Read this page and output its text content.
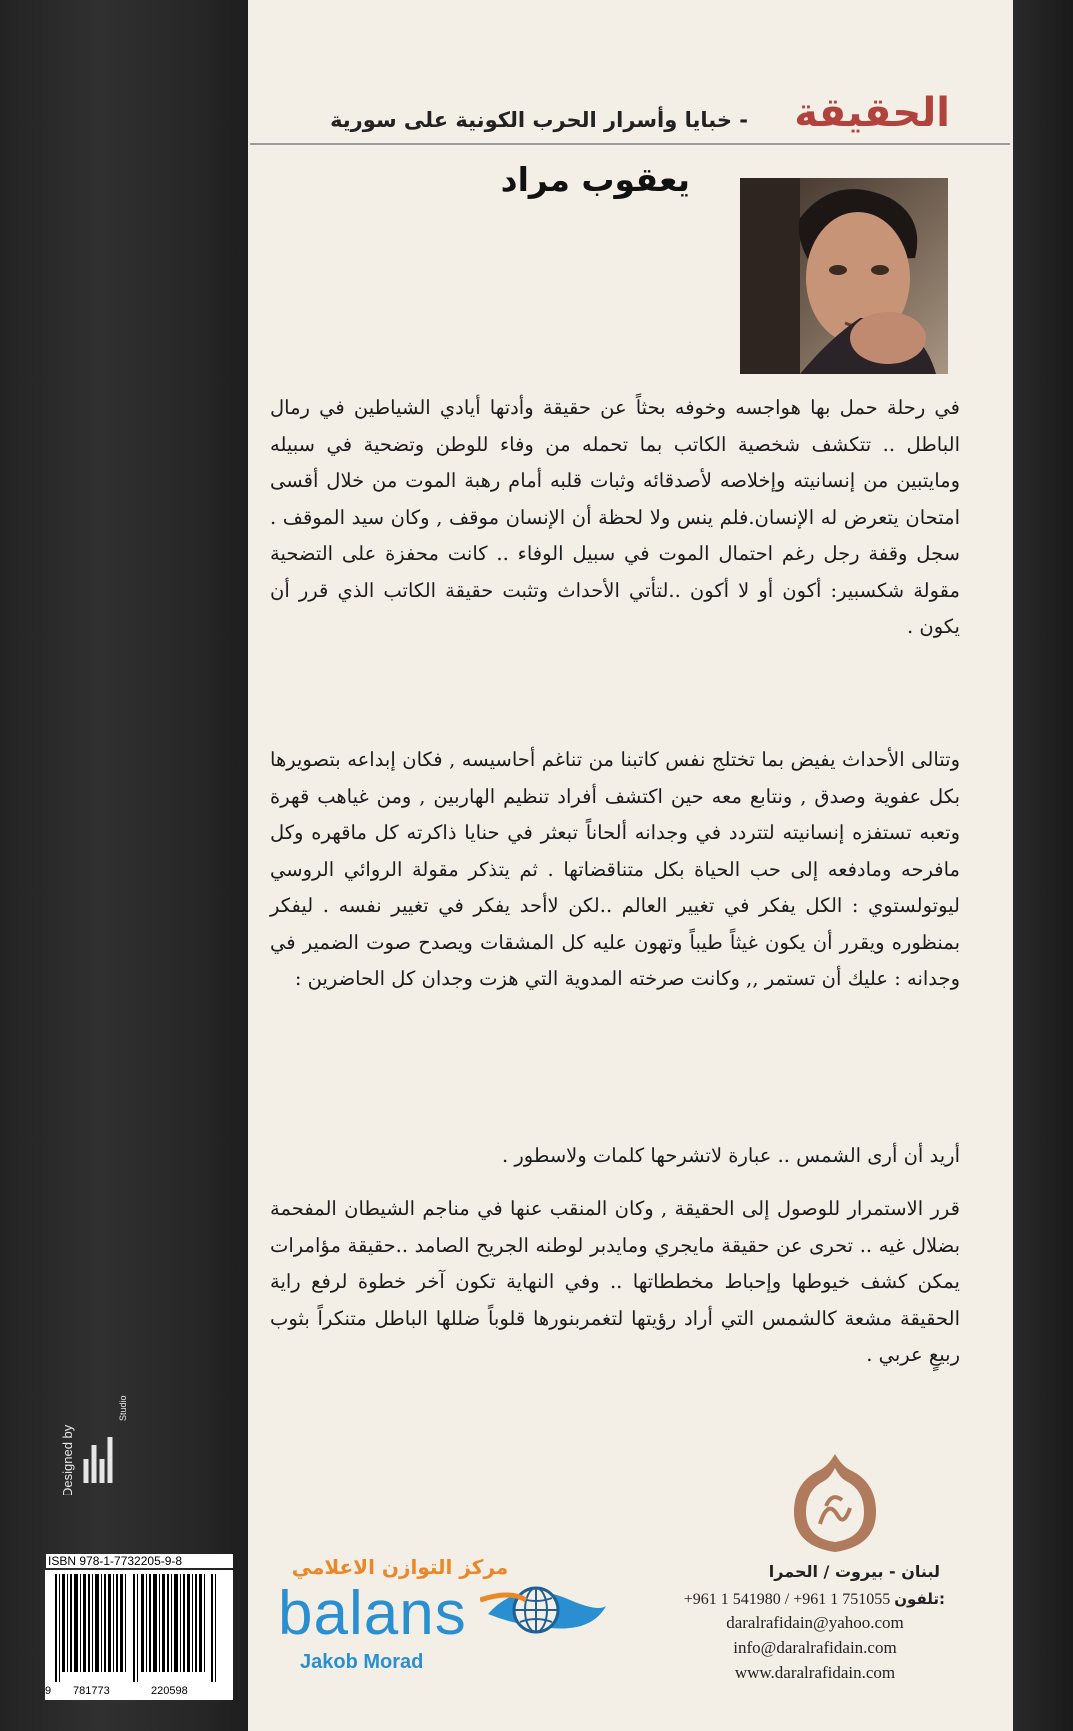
الحقيقة
- خبايا وأسرار الحرب الكونية على سورية
يعقوب مراد
في رحلة حمل بها هواجسه وخوفه بحثاً عن حقيقة وأدتها أيادي الشياطين في رمال الباطل .. تتكشف شخصية الكاتب بما تحمله من وفاء للوطن وتضحية في سبيله ومايتبين من إنسانيته وإخلاصه لأصدقائه وثبات قلبه أمام رهبة الموت من خلال أقسى امتحان يتعرض له الإنسان.فلم ينس ولا لحظة أن الإنسان موقف , وكان سيد الموقف . سجل وقفة رجل رغم احتمال الموت في سبيل الوفاء .. كانت محفزة على التضحية مقولة شكسبير: أكون أو لا أكون ..لتأتي الأحداث وتثبت حقيقة الكاتب الذي قرر أن يكون .
وتتالى الأحداث يفيض بما تختلج نفس كاتبنا من تناغم أحاسيسه , فكان إبداعه بتصويرها بكل عفوية وصدق , ونتابع معه حين اكتشف أفراد تنظيم الهاربين , ومن غياهب قهرة وتعبه تستفزه إنسانيته لتتردد في وجدانه ألحاناً تبعثر في حنايا ذاكرته كل ماقهره وكل مافرحه ومادفعه إلى حب الحياة بكل متناقضاتها . ثم يتذكر مقولة الروائي الروسي ليوتولستوي : الكل يفكر في تغيير العالم ..لكن لاأحد يفكر في تغيير نفسه . ليفكر بمنظوره ويقرر أن يكون غيثاً طيباً وتهون عليه كل المشقات ويصدح صوت الضمير في وجدانه : عليك أن تستمر ,, وكانت صرخته المدوية التي هزت وجدان كل الحاضرين :
أريد أن أرى الشمس .. عبارة لاتشرحها كلمات ولاسطور .
قرر الاستمرار للوصول إلى الحقيقة , وكان المنقب عنها في مناجم الشيطان المفحمة بضلال غيه .. تحرى عن حقيقة مايجري ومايدبر لوطنه الجريح الصامد ..حقيقة مؤامرات يمكن كشف خيوطها وإحباط مخططاتها .. وفي النهاية تكون آخر خطوة لرفع راية الحقيقة مشعة كالشمس التي أراد رؤيتها لتغمربنورها قلوباً ضللها الباطل متنكراً بثوب ربيعٍ عربي .
Designed by
Studio
ISBN 978-1-7732205-9-8
9 781773	220598
مركز التوازن الاعلامي
balans
Jakob Morad
لبنان - بيروت / الحمرا
+961 1 541980 / +961 1 751055 تلفون:
daralrafidain@yahoo.com
info@daralrafidain.com
www.daralrafidain.com
